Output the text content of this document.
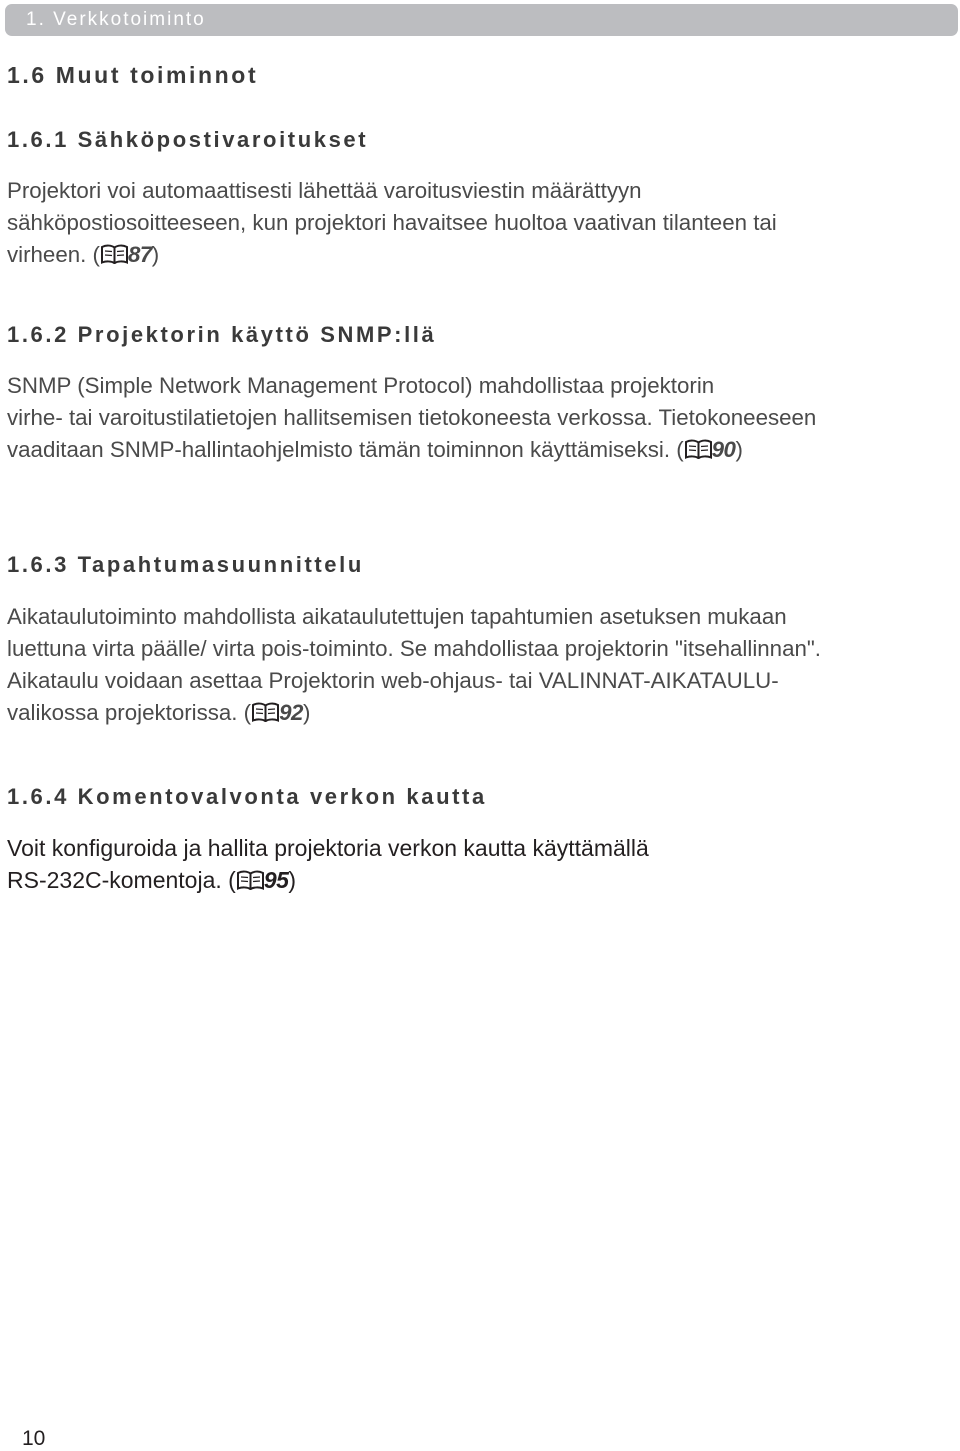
1. Verkkotoiminto
1.6 Muut toiminnot
1.6.1 Sähköpostivaroitukset

Projektori voi automaattisesti lähettää varoitusviestin määrättyyn

sähköpostiosoitteeseen, kun projektori havaitsee huoltoa vaativan tilanteen tai

virheen. ( 87)

1.6.2 Projektorin käyttö SNMP:llä

SNMP (Simple Network Management Protocol) mahdollistaa projektorin

virhe- tai varoitustilatietojen hallitsemisen tietokoneesta verkossa. Tietokoneeseen

vaaditaan SNMP-hallintaohjelmisto tämän toiminnon käyttämiseksi. ( 90)

1.6.3 Tapahtumasuunnittelu

Aikataulutoiminto mahdollista aikataulutettujen tapahtumien asetuksen mukaan

luettuna virta päälle/ virta pois-toiminto. Se mahdollistaa projektorin "itsehallinnan".

Aikataulu voidaan asettaa Projektorin web-ohjaus- tai VALINNAT-AIKATAULU-

valikossa projektorissa. ( 92)

1.6.4 Komentovalvonta verkon kautta

Voit konfiguroida ja hallita projektoria verkon kautta käyttämällä

RS-232C-komentoja. ( 95)

10
